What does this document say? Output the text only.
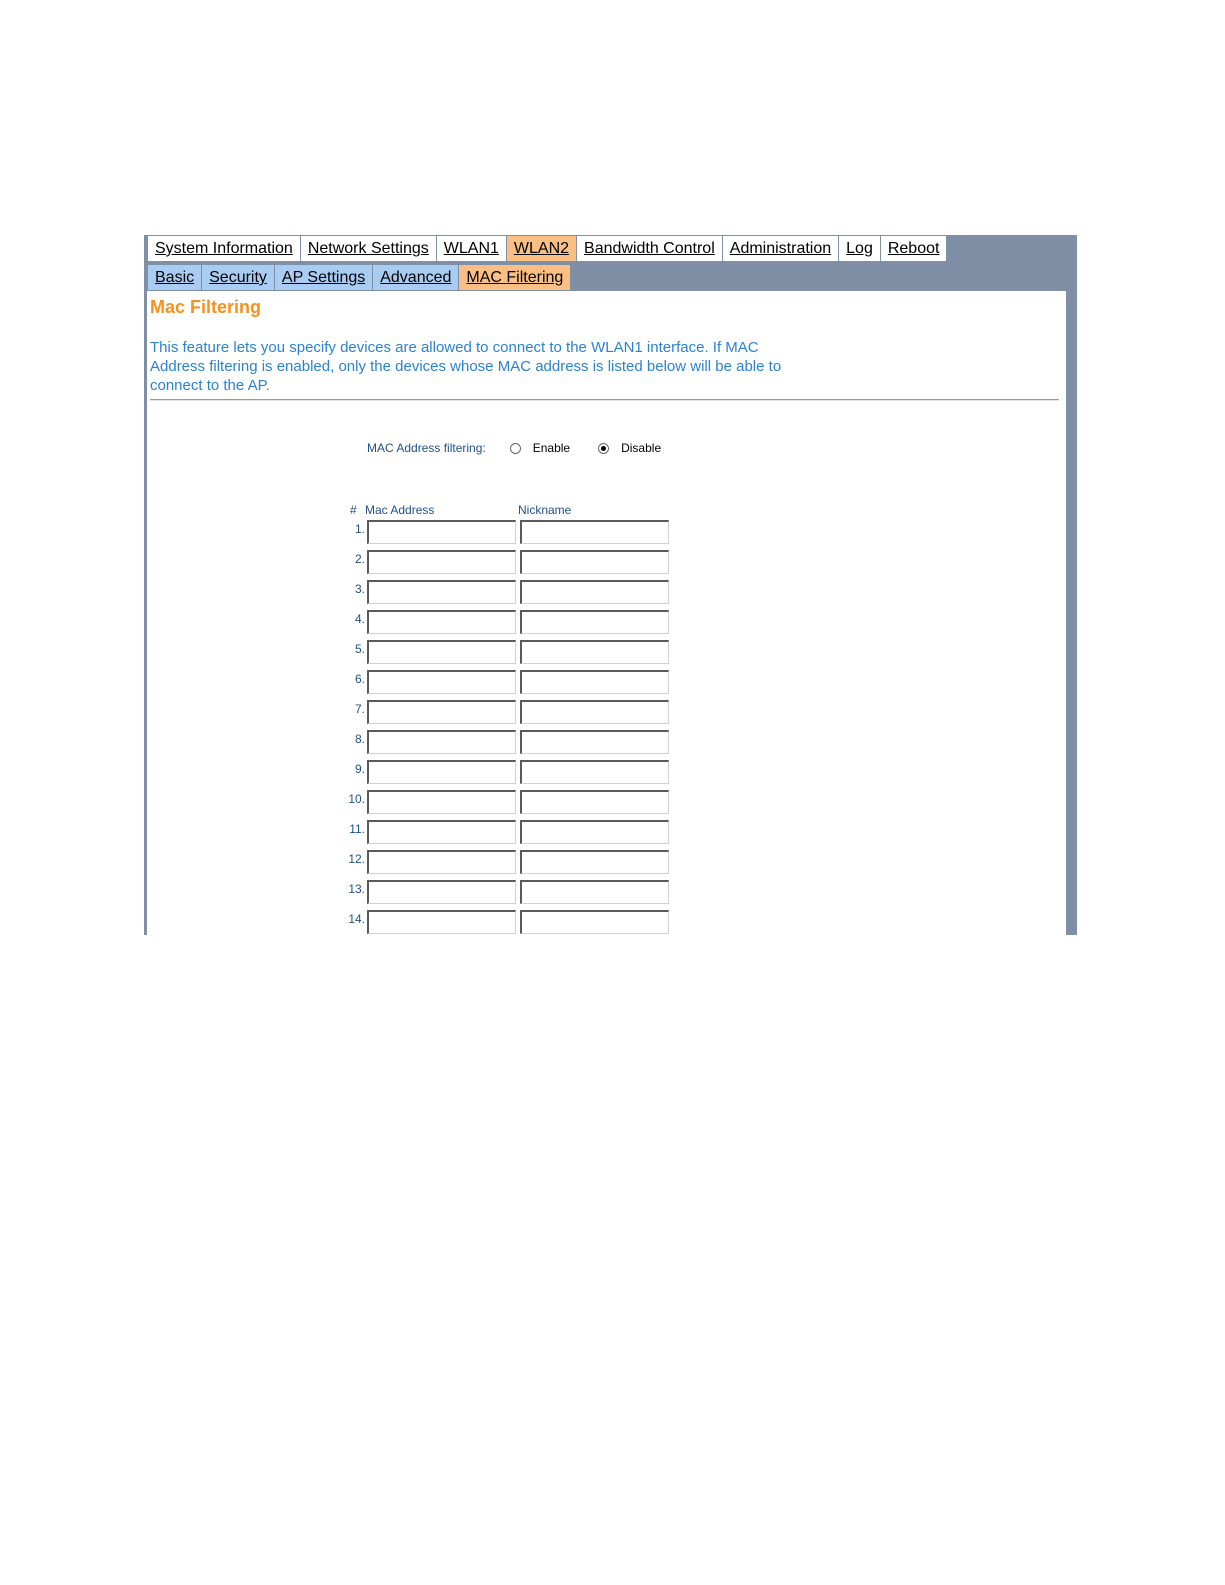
System Information Network Settings WLAN1 WLAN2 Bandwidth Control Administration Log Reboot
Basic Security AP Settings Advanced MAC Filtering
Mac Filtering

This feature lets you specify devices are allowed to connect to the WLAN1 interface. If MAC Address filtering is enabled, only the devices whose MAC address is listed below will be able to connect to the AP.

MAC Address filtering:	Enable	Disable
# Mac Address	Nickname
1.
2.
3.
4.
5.
6.
7.
8.
9.
10.
11.
12.
13.
14.
